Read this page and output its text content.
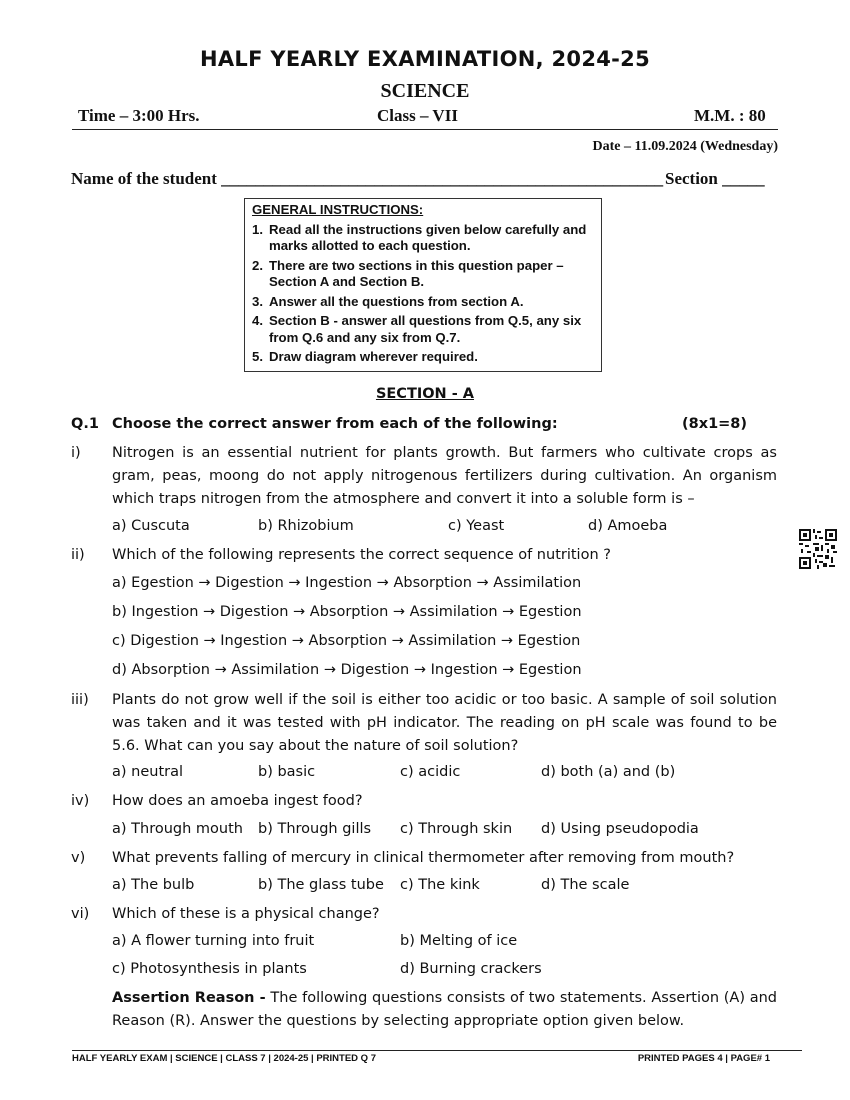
HALF YEARLY EXAMINATION, 2024-25
SCIENCE
Time – 3:00 Hrs.	Class – VII	M.M. : 80
Date – 11.09.2024 (Wednesday)
Name of the student ____________________________________________________ Section _____
GENERAL INSTRUCTIONS:
1. Read all the instructions given below carefully and marks allotted to each question.
2. There are two sections in this question paper – Section A and Section B.
3. Answer all the questions from section A.
4. Section B - answer all questions from Q.5, any six from Q.6 and any six from Q.7.
5. Draw diagram wherever required.
SECTION - A
Q.1 Choose the correct answer from each of the following:	(8x1=8)
i) Nitrogen is an essential nutrient for plants growth. But farmers who cultivate crops as gram, peas, moong do not apply nitrogenous fertilizers during cultivation. An organism which traps nitrogen from the atmosphere and convert it into a soluble form is –
a) Cuscuta	b) Rhizobium	c) Yeast	d) Amoeba
ii) Which of the following represents the correct sequence of nutrition ?
a) Egestion → Digestion → Ingestion → Absorption → Assimilation
b) Ingestion → Digestion → Absorption → Assimilation → Egestion
c) Digestion → Ingestion → Absorption → Assimilation → Egestion
d) Absorption → Assimilation → Digestion → Ingestion → Egestion
iii) Plants do not grow well if the soil is either too acidic or too basic. A sample of soil solution was taken and it was tested with pH indicator. The reading on pH scale was found to be 5.6. What can you say about the nature of soil solution?
a) neutral	b) basic	c) acidic	d) both (a) and (b)
iv) How does an amoeba ingest food?
a) Through mouth b) Through gills c) Through skin d) Using pseudopodia
v) What prevents falling of mercury in clinical thermometer after removing from mouth?
a) The bulb	b) The glass tube c) The kink	d) The scale
vi) Which of these is a physical change?
a) A flower turning into fruit	b) Melting of ice
c) Photosynthesis in plants	d) Burning crackers
Assertion Reason - The following questions consists of two statements. Assertion (A) and Reason (R). Answer the questions by selecting appropriate option given below.
HALF YEARLY EXAM | SCIENCE | CLASS 7 | 2024-25 | PRINTED Q 7	PRINTED PAGES 4 | PAGE# 1
